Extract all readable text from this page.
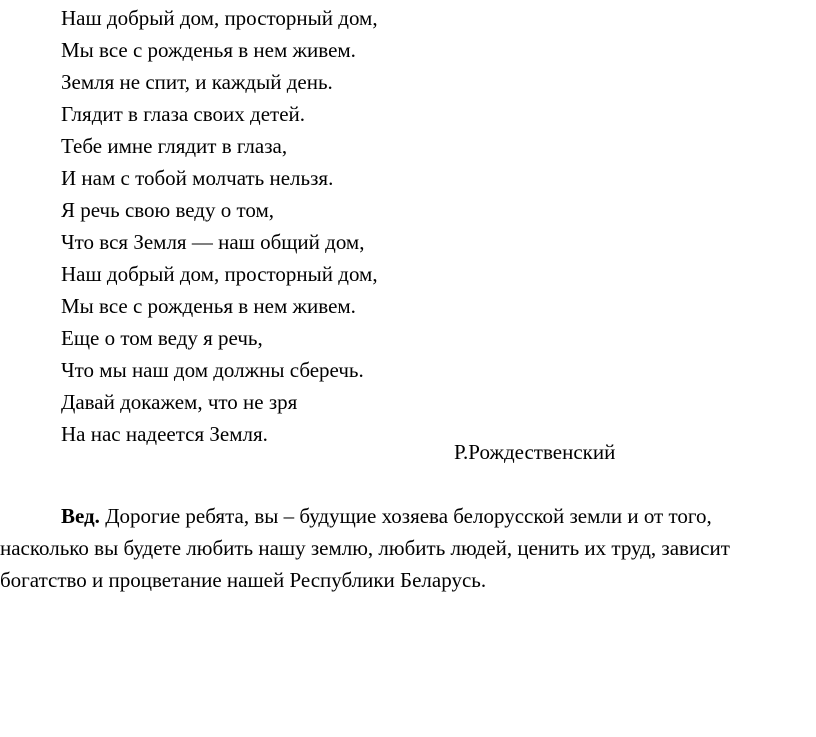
Наш добрый дом, просторный дом,
Мы все с рожденья в нем живем.
Земля не спит, и каждый день.
Глядит в глаза своих детей.
Тебе имне глядит в глаза,
И нам с тобой молчать нельзя.
Я речь свою веду о том,
Что вся Земля — наш общий дом,
Наш добрый дом, просторный дом,
Мы все с рожденья в нем живем.
Еще о том веду я речь,
Что мы наш дом должны сберечь.
Давай докажем, что не зря
На нас надеется Земля.
Р.Рождественский
Вед. Дорогие ребята, вы – будущие хозяева белорусской земли и от того,
насколько вы будете любить нашу землю, любить людей, ценить их труд, зависит
богатство и процветание нашей Республики Беларусь.
